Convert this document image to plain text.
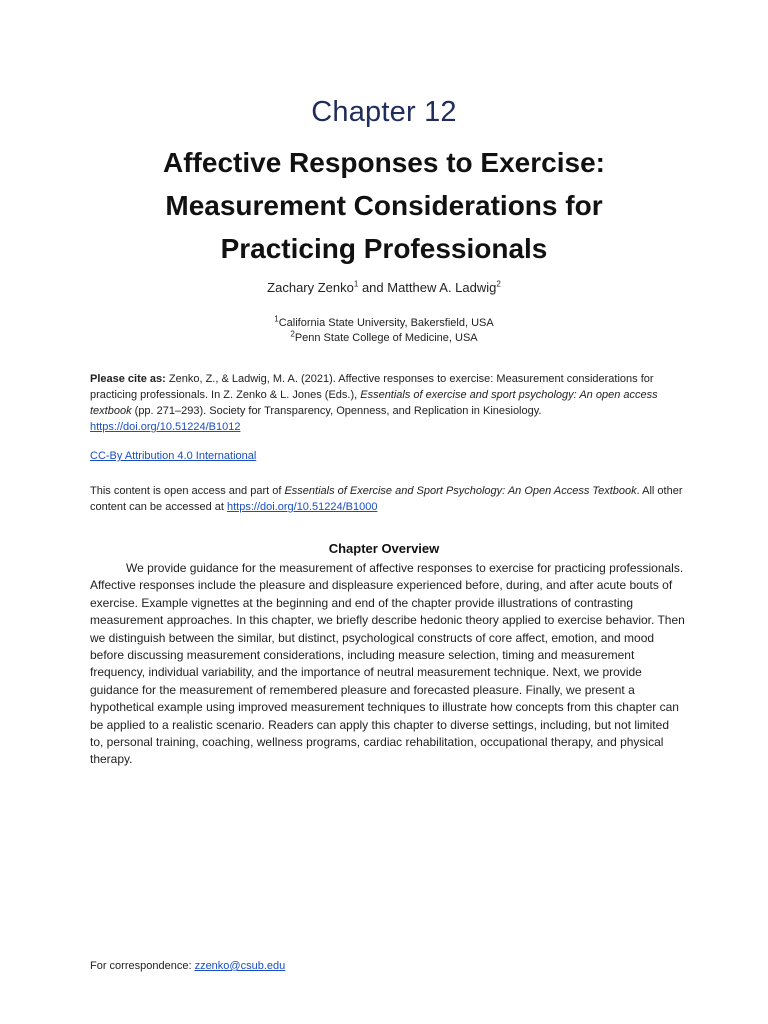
Chapter 12
Affective Responses to Exercise:
Measurement Considerations for
Practicing Professionals
Zachary Zenko$^1$ and Matthew A. Ladwig$^2$
$^1$California State University, Bakersfield, USA
$^2$Penn State College of Medicine, USA
Please cite as: Zenko, Z., & Ladwig, M. A. (2021). Affective responses to exercise: Measurement considerations for practicing professionals. In Z. Zenko & L. Jones (Eds.), Essentials of exercise and sport psychology: An open access textbook (pp. 271–293). Society for Transparency, Openness, and Replication in Kinesiology.
https://doi.org/10.51224/B1012
CC-By Attribution 4.0 International
This content is open access and part of Essentials of Exercise and Sport Psychology: An Open Access Textbook. All other content can be accessed at https://doi.org/10.51224/B1000
Chapter Overview

We provide guidance for the measurement of affective responses to exercise for practicing professionals. Affective responses include the pleasure and displeasure experienced before, during, and after acute bouts of exercise. Example vignettes at the beginning and end of the chapter provide illustrations of contrasting measurement approaches. In this chapter, we briefly describe hedonic theory applied to exercise behavior. Then we distinguish between the similar, but distinct, psychological constructs of core affect, emotion, and mood before discussing measurement considerations, including measure selection, timing and measurement frequency, individual variability, and the importance of neutral measurement technique. Next, we provide guidance for the measurement of remembered pleasure and forecasted pleasure. Finally, we present a hypothetical example using improved measurement techniques to illustrate how concepts from this chapter can be applied to a realistic scenario. Readers can apply this chapter to diverse settings, including, but not limited to, personal training, coaching, wellness programs, cardiac rehabilitation, occupational therapy, and physical therapy.

For correspondence: zzenko@csub.edu
